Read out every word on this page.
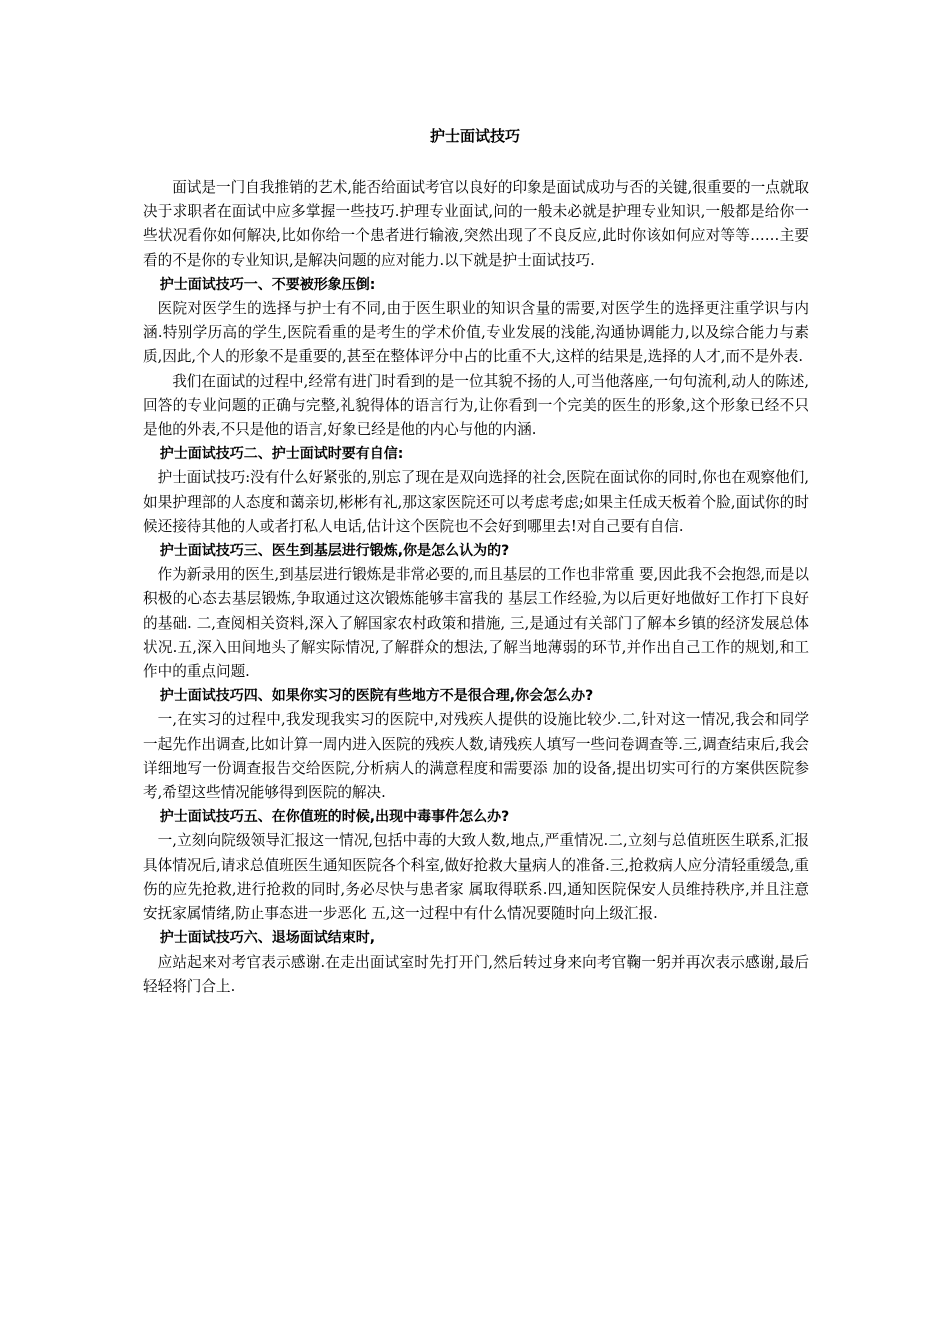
护士面试技巧

面试是一门自我推销的艺术,能否给面试考官以良好的印象是面试成功与否的关键,很重要的一点就取决于求职者在面试中应多掌握一些技巧.护理专业面试,问的一般未必就是护理专业知识,一般都是给你一些状况看你如何解决,比如你给一个患者进行输液,突然出现了不良反应,此时你该如何应对等等……主要看的不是你的专业知识,是解决问题的应对能力.以下就是护士面试技巧.

护士面试技巧一、不要被形象压倒:

医院对医学生的选择与护士有不同,由于医生职业的知识含量的需要,对医学生的选择更注重学识与内涵.特别学历高的学生,医院看重的是考生的学术价值,专业发展的浅能,沟通协调能力,以及综合能力与素质,因此,个人的形象不是重要的,甚至在整体评分中占的比重不大,这样的结果是,选择的人才,而不是外表.

我们在面试的过程中,经常有进门时看到的是一位其貌不扬的人,可当他落座,一句句流利,动人的陈述,回答的专业问题的正确与完整,礼貌得体的语言行为,让你看到一个完美的医生的形象,这个形象已经不只是他的外表,不只是他的语言,好象已经是他的内心与他的内涵.

护士面试技巧二、护士面试时要有自信:

护士面试技巧:没有什么好紧张的,别忘了现在是双向选择的社会,医院在面试你的同时,你也在观察他们,如果护理部的人态度和蔼亲切,彬彬有礼,那这家医院还可以考虑考虑;如果主任成天板着个脸,面试你的时候还接待其他的人或者打私人电话,估计这个医院也不会好到哪里去!对自己要有自信.

护士面试技巧三、医生到基层进行锻炼,你是怎么认为的?

作为新录用的医生,到基层进行锻炼是非常必要的,而且基层的工作也非常重 要,因此我不会抱怨,而是以积极的心态去基层锻炼,争取通过这次锻炼能够丰富我的 基层工作经验,为以后更好地做好工作打下良好的基础. 二,查阅相关资料,深入了解国家农村政策和措施, 三,是通过有关部门了解本乡镇的经济发展总体状况.五,深入田间地头了解实际情况,了解群众的想法,了解当地薄弱的环节,并作出自己工作的规划,和工作中的重点问题.

护士面试技巧四、如果你实习的医院有些地方不是很合理,你会怎么办?

一,在实习的过程中,我发现我实习的医院中,对残疾人提供的设施比较少.二,针对这一情况,我会和同学一起先作出调查,比如计算一周内进入医院的残疾人数,请残疾人填写一些问卷调查等.三,调查结束后,我会详细地写一份调查报告交给医院,分析病人的满意程度和需要添 加的设备,提出切实可行的方案供医院参考,希望这些情况能够得到医院的解决.

护士面试技巧五、在你值班的时候,出现中毒事件怎么办?

一,立刻向院级领导汇报这一情况,包括中毒的大致人数,地点,严重情况.二,立刻与总值班医生联系,汇报具体情况后,请求总值班医生通知医院各个科室,做好抢救大量病人的准备.三,抢救病人应分清轻重缓急,重伤的应先抢救,进行抢救的同时,务必尽快与患者家 属取得联系.四,通知医院保安人员维持秩序,并且注意安抚家属情绪,防止事态进一步恶化 五,这一过程中有什么情况要随时向上级汇报.

护士面试技巧六、退场面试结束时,

应站起来对考官表示感谢.在走出面试室时先打开门,然后转过身来向考官鞠一躬并再次表示感谢,最后轻轻将门合上.
